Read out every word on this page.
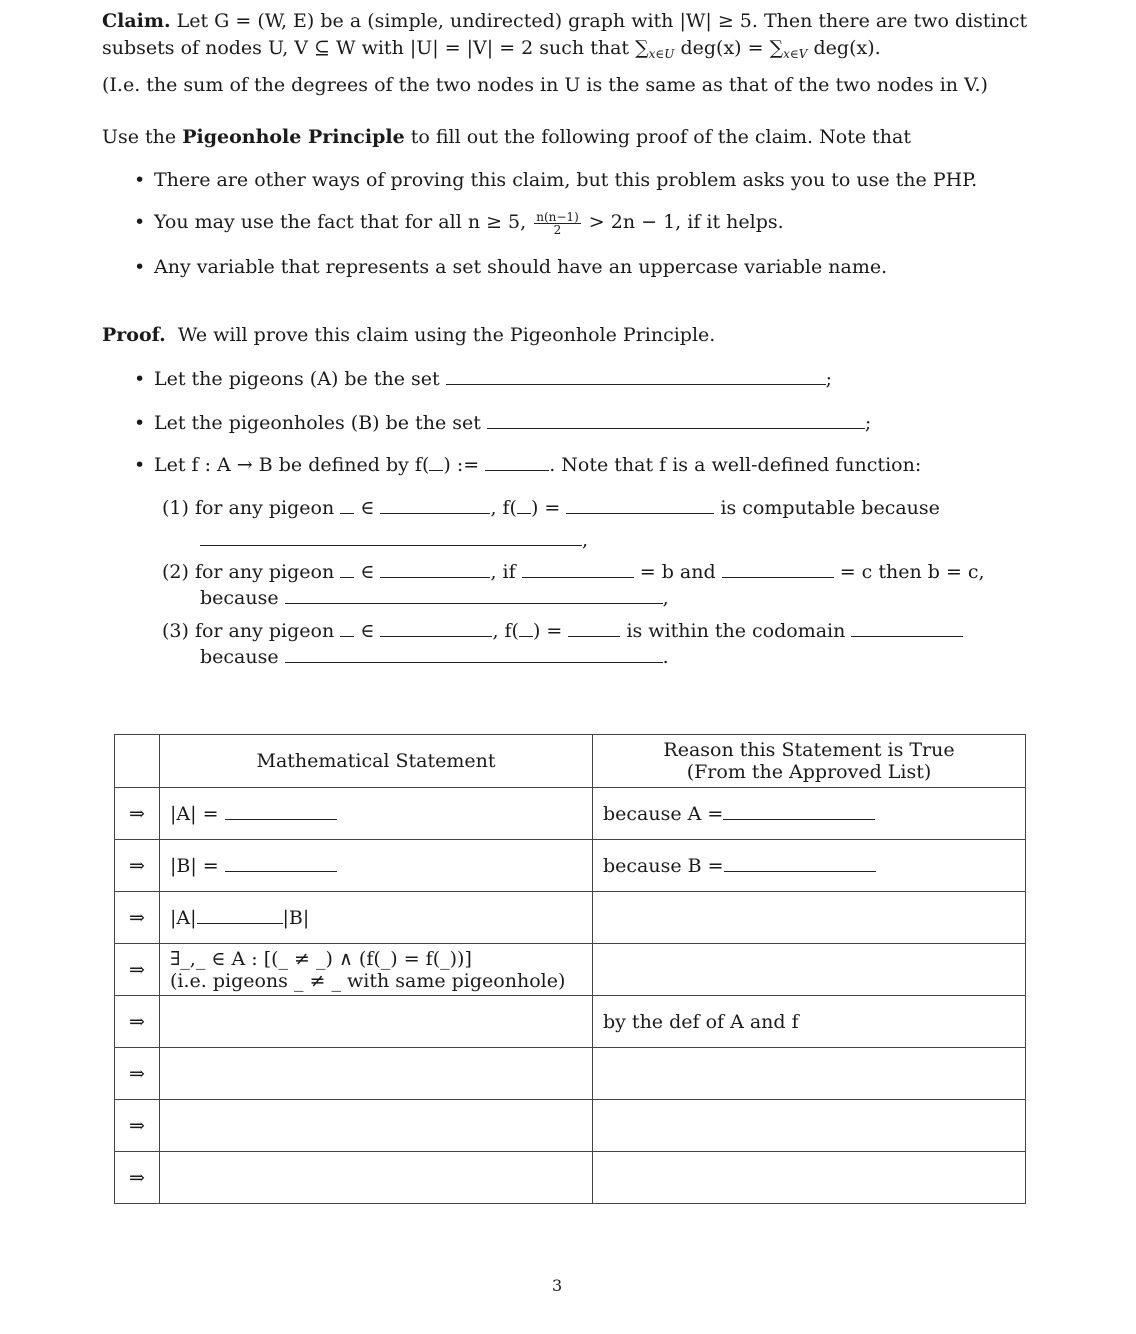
Claim. Let G = (W, E) be a (simple, undirected) graph with |W| ≥ 5. Then there are two distinct
subsets of nodes U, V ⊆ W with |U| = |V| = 2 such that $\sum_{x\in U}$ $deg(x) = \sum_{x\in V}$ deg(x).
(I.e. the sum of the degrees of the two nodes in U is the same as that of the two nodes in V.)
Use the Pigeonhole Principle to fill out the following proof of the claim. Note that
• There are other ways of proving this claim, but this problem asks you to use the PHP.
• You may use the fact that for all n ≥ 5, $\frac{n(n-1)}{2} > 2n - 1$, if it helps.
• Any variable that represents a set should have an uppercase variable name.
Proof. We will prove this claim using the Pigeonhole Principle.
• Let the pigeons (A) be the set	;
• Let the pigeonholes (B) be the set	;
• Let f : A → B be defined by f( ) :=	. Note that f is a well-defined function:
(1) for any pigeon ∈	, f( ) =	is computable because
,
(2) for any pigeon ∈	, if	= b and	= c then b = c,
because	,
(3) for any pigeon ∈	, f( ) =	is within the codomain
because	.
	Mathematical Statement	Reason this Statement is True
(From the Approved List)

⇒	|A| =	because A =
⇒	|B| =	because B =
⇒	|A| |B|	
⇒	∃_,_ ∈ A : [(_ ≠ _) ∧ (f(_) = f(_))]
(i.e. pigeons _ ≠ _ with same pigeonhole)	

⇒		by the def of A and f
⇒		
⇒		
⇒		
3
